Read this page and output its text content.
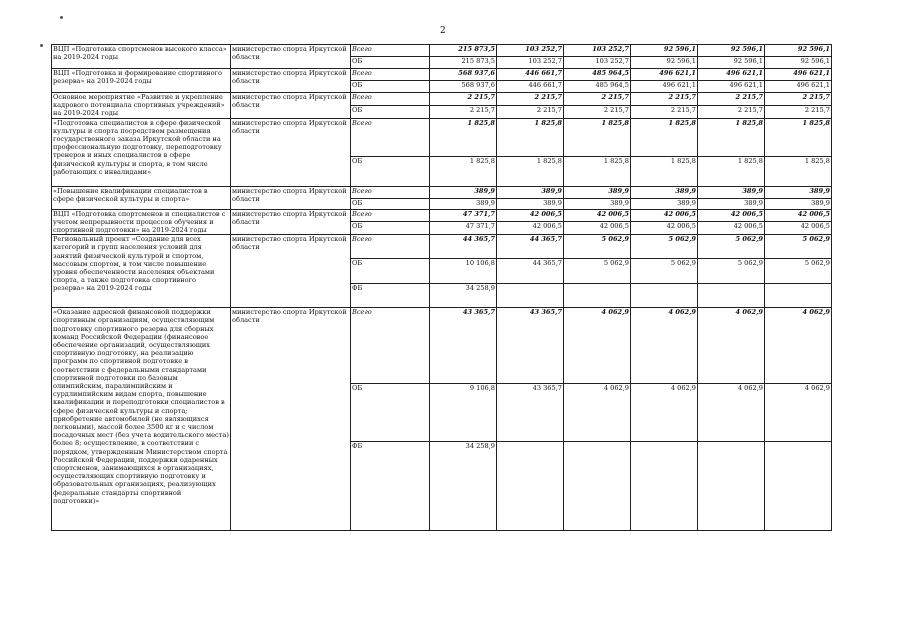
2
ВЦП «Подготовка спортсменов высокого класса» на 2019-2024 годы	министерство спорта Иркутской области	Всего	215 873,5	103 252,7	103 252,7	92 596,1	92 596,1	92 596,1
		ОБ	215 873,5	103 252,7	103 252,7	92 596,1	92 596,1	92 596,1
ВЦП «Подготовка и формирование спортивного резерва» на 2019-2024 годы	министерство спорта Иркутской области	Всего	568 937,6	446 661,7	485 964,5	496 621,1	496 621,1	496 621,1
		ОБ	568 937,6	446 661,7	485 964,5	496 621,1	496 621,1	496 621,1
Основное мероприятие «Развитие и укрепление кадрового потенциала спортивных учреждений» на 2019-2024 годы	министерство спорта Иркутской области	Всего	2 215,7	2 215,7	2 215,7	2 215,7	2 215,7	2 215,7
		ОБ	2 215,7	2 215,7	2 215,7	2 215,7	2 215,7	2 215,7
«Подготовка специалистов в сфере физической культуры и спорта посредством размещения государственного заказа Иркутской области на профессиональную подготовку, переподготовку тренеров и иных специалистов в сфере физической культуры и спорта, в том числе работающих с инвалидами»	министерство спорта Иркутской области	Всего	1 825,8	1 825,8	1 825,8	1 825,8	1 825,8	1 825,8
		ОБ	1 825,8	1 825,8	1 825,8	1 825,8	1 825,8	1 825,8
«Повышение квалификации специалистов в сфере физической культуры и спорта»	министерство спорта Иркутской области	Всего	389,9	389,9	389,9	389,9	389,9	389,9
		ОБ	389,9	389,9	389,9	389,9	389,9	389,9
ВЦП «Подготовка спортсменов и специалистов с учетом непрерывности процессов обучения и спортивной подготовки» на 2019-2024 годы	министерство спорта Иркутской области	Всего	47 371,7	42 006,5	42 006,5	42 006,5	42 006,5	42 006,5
		ОБ	47 371,7	42 006,5	42 006,5	42 006,5	42 006,5	42 006,5
Региональный проект «Создание для всех категорий и групп населения условий для занятий физической культурой и спортом, массовым спортом, в том числе повышение уровня обеспеченности населения объектами спорта, а также подготовка спортивного резерва» на 2019-2024 годы	министерство спорта Иркутской области	Всего	44 365,7	44 365,7	5 062,9	5 062,9	5 062,9	5 062,9
		ОБ	10 106,8	44 365,7	5 062,9	5 062,9	5 062,9	5 062,9
		ФБ	34 258,9					
«Оказание адресной финансовой поддержки спортивным организациям, осуществляющим подготовку спортивного резерва для сборных команд Российской Федерации (финансовое обеспечение организаций, осуществляющих спортивную подготовку, на реализацию программ по спортивной подготовке в соответствии с федеральными стандартами спортивной подготовки по базовым олимпийским, паралимпийским и сурдлимпийским видам спорта, повышение квалификации и переподготовки специалистов в сфере физической культуры и спорта; приобретение автомобилей (не являющихся легковыми), массой более 3500 кг и с числом посадочных мест (без учета водительского места) более 8; осуществление, в соответствии с порядком, утвержденным Министерством спорта Российской Федерации, поддержки одаренных спортсменов, занимающихся в организациях, осуществляющих спортивную подготовку и образовательных организациях, реализующих федеральные стандарты спортивной подготовки)»	министерство спорта Иркутской области	Всего	43 365,7	43 365,7	4 062,9	4 062,9	4 062,9	4 062,9
		ОБ	9 106,8	43 365,7	4 062,9	4 062,9	4 062,9	4 062,9
		ФБ	34 258,9					
